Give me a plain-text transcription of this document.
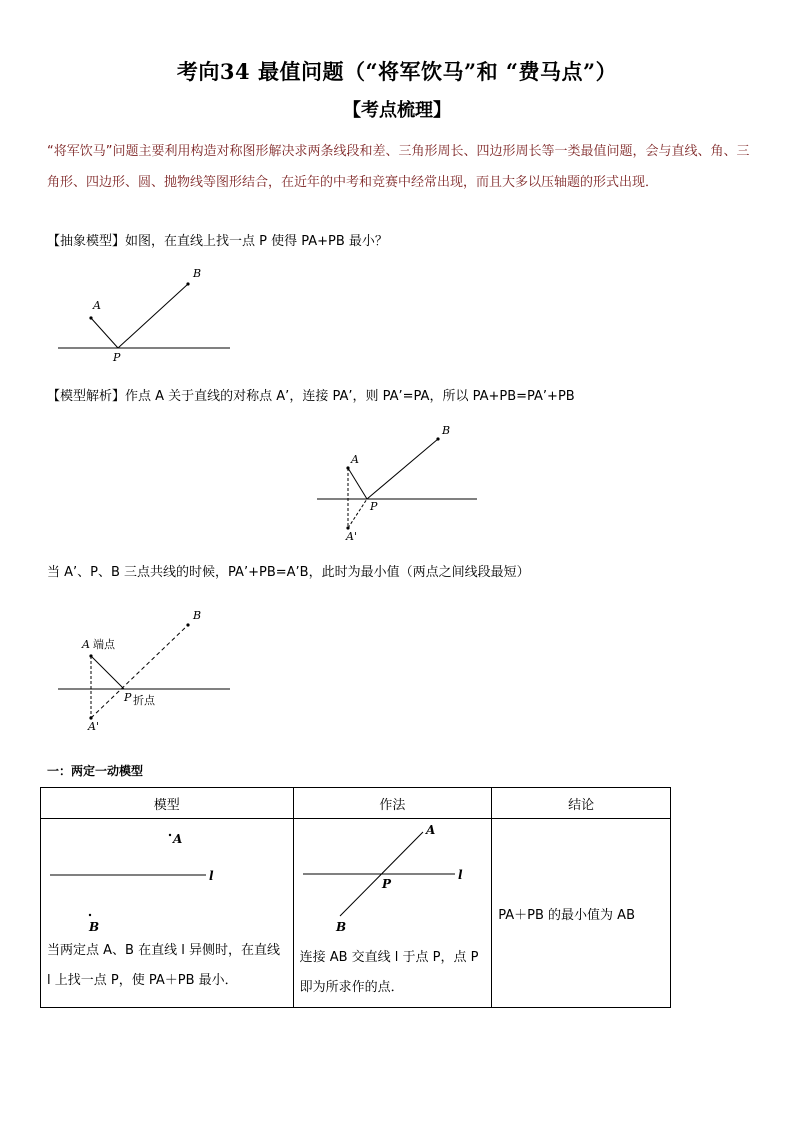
考向34 最值问题（“将军饮马”和 “费马点”）
【考点梳理】
“将军饮马”问题主要利用构造对称图形解决求两条线段和差、三角形周长、四边形周长等一类最值问题，会与直线、角、三角形、四边形、圆、抛物线等图形结合，在近年的中考和竞赛中经常出现，而且大多以压轴题的形式出现．
【抽象模型】如图，在直线上找一点 P 使得 PA+PB 最小？
A
B
P
【模型解析】作点 A 关于直线的对称点 A’，连接 PA’，则 PA’=PA，所以 PA+PB=PA’+PB
A
B
P
A'
当 A’、P、B 三点共线的时候，PA’+PB=A’B，此时为最小值（两点之间线段最短）
A 端点
B
P 折点
A'
一：两定一动模型
模型	作法	结论

A
l
B
当两定点 A、B 在直线 l 异侧时，在直线 l 上找一点 P，使 PA＋PB 最小．	A
l
P
B
连接 AB 交直线 l 于点 P，点 P 即为所求作的点．	PA＋PB 的最小值为 AB
